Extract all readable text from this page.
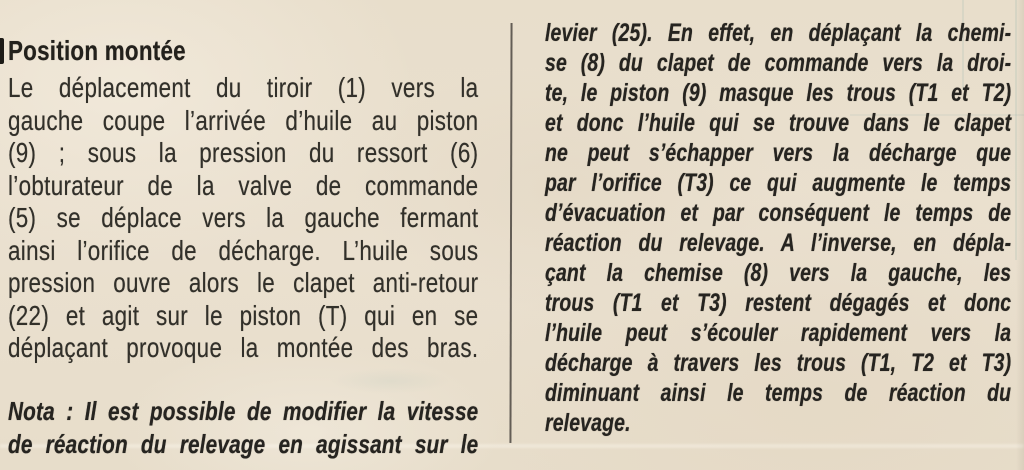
Position montée
Le déplacement du tiroir (1) vers la
gauche coupe l’arrivée d’huile au piston
(9) ; sous la pression du ressort (6)
l’obturateur de la valve de commande
(5) se déplace vers la gauche fermant
ainsi l’orifice de décharge. L’huile sous
pression ouvre alors le clapet anti-retour
(22) et agit sur le piston (T) qui en se
déplaçant provoque la montée des bras.
Nota : Il est possible de modifier la vitesse
de réaction du relevage en agissant sur le
levier (25). En effet, en déplaçant la chemi-
se (8) du clapet de commande vers la droi-
te, le piston (9) masque les trous (T1 et T2)
et donc l’huile qui se trouve dans le clapet
ne peut s’échapper vers la décharge que
par l’orifice (T3) ce qui augmente le temps
d’évacuation et par conséquent le temps de
réaction du relevage. A l’inverse, en dépla-
çant la chemise (8) vers la gauche, les
trous (T1 et T3) restent dégagés et donc
l’huile peut s’écouler rapidement vers la
décharge à travers les trous (T1, T2 et T3)
diminuant ainsi le temps de réaction du
relevage.
